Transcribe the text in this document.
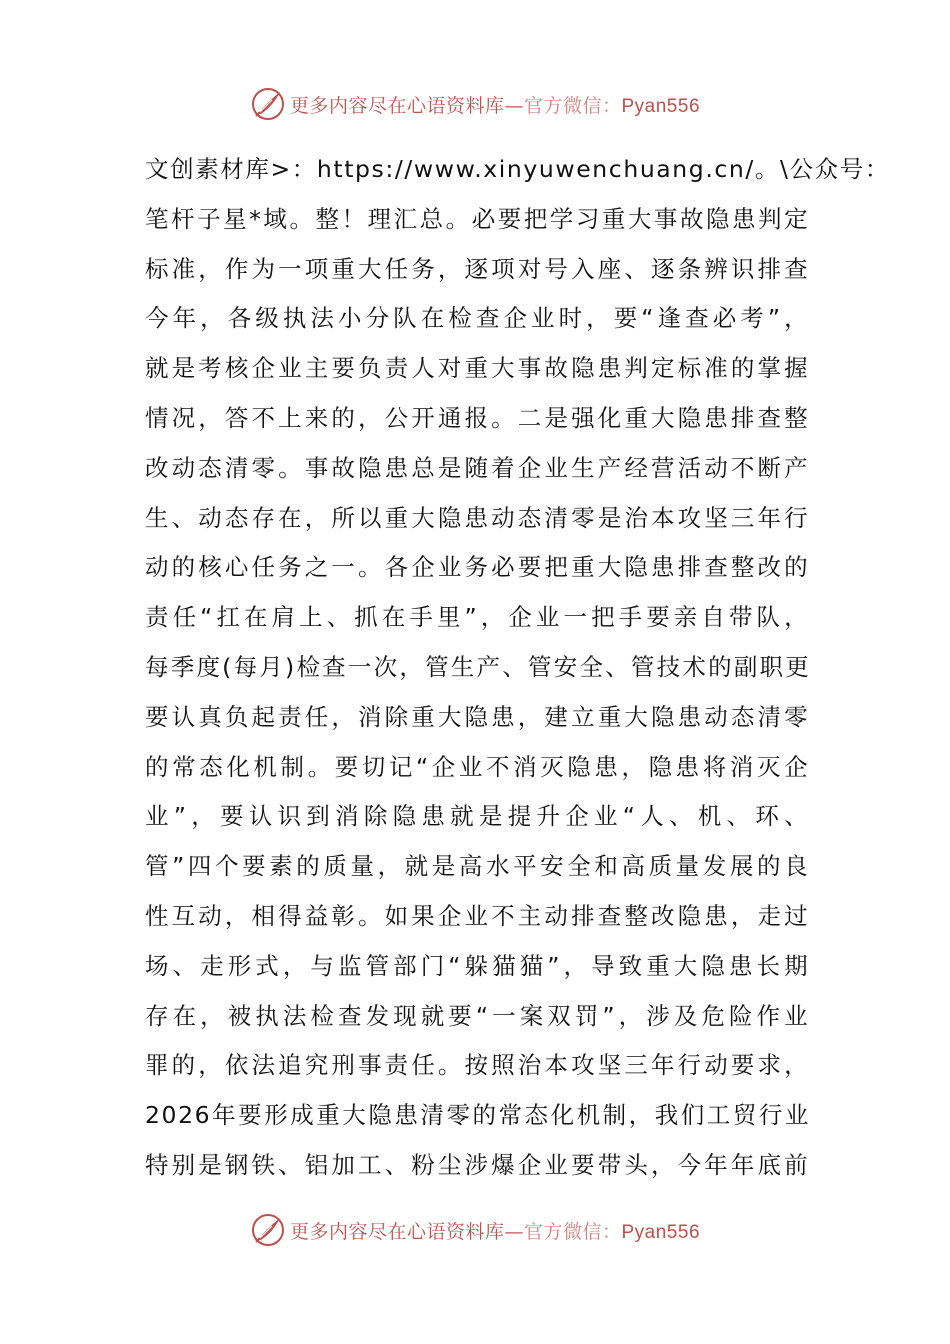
更多内容尽在心语资料库—官方微信：Pyan556
文创素材库>：https://www.xinyuwenchuang.cn/。\公众号：
笔杆子星*域。整！理汇总。必要把学习重大事故隐患判定
标准，作为一项重大任务，逐项对号入座、逐条辨识排查
今年，各级执法小分队在检查企业时，要“逢查必考”，
就是考核企业主要负责人对重大事故隐患判定标准的掌握
情况，答不上来的，公开通报。二是强化重大隐患排查整
改动态清零。事故隐患总是随着企业生产经营活动不断产
生、动态存在，所以重大隐患动态清零是治本攻坚三年行
动的核心任务之一。各企业务必要把重大隐患排查整改的
责任“扛在肩上、抓在手里”，企业一把手要亲自带队，
每季度(每月)检查一次，管生产、管安全、管技术的副职更
要认真负起责任，消除重大隐患，建立重大隐患动态清零
的常态化机制。要切记“企业不消灭隐患，隐患将消灭企
业”，要认识到消除隐患就是提升企业“人、机、环、
管”四个要素的质量，就是高水平安全和高质量发展的良
性互动，相得益彰。如果企业不主动排查整改隐患，走过
场、走形式，与监管部门“躲猫猫”，导致重大隐患长期
存在，被执法检查发现就要“一案双罚”，涉及危险作业
罪的，依法追究刑事责任。按照治本攻坚三年行动要求，
2026年要形成重大隐患清零的常态化机制，我们工贸行业
特别是钢铁、铝加工、粉尘涉爆企业要带头，今年年底前
更多内容尽在心语资料库—官方微信：Pyan556
